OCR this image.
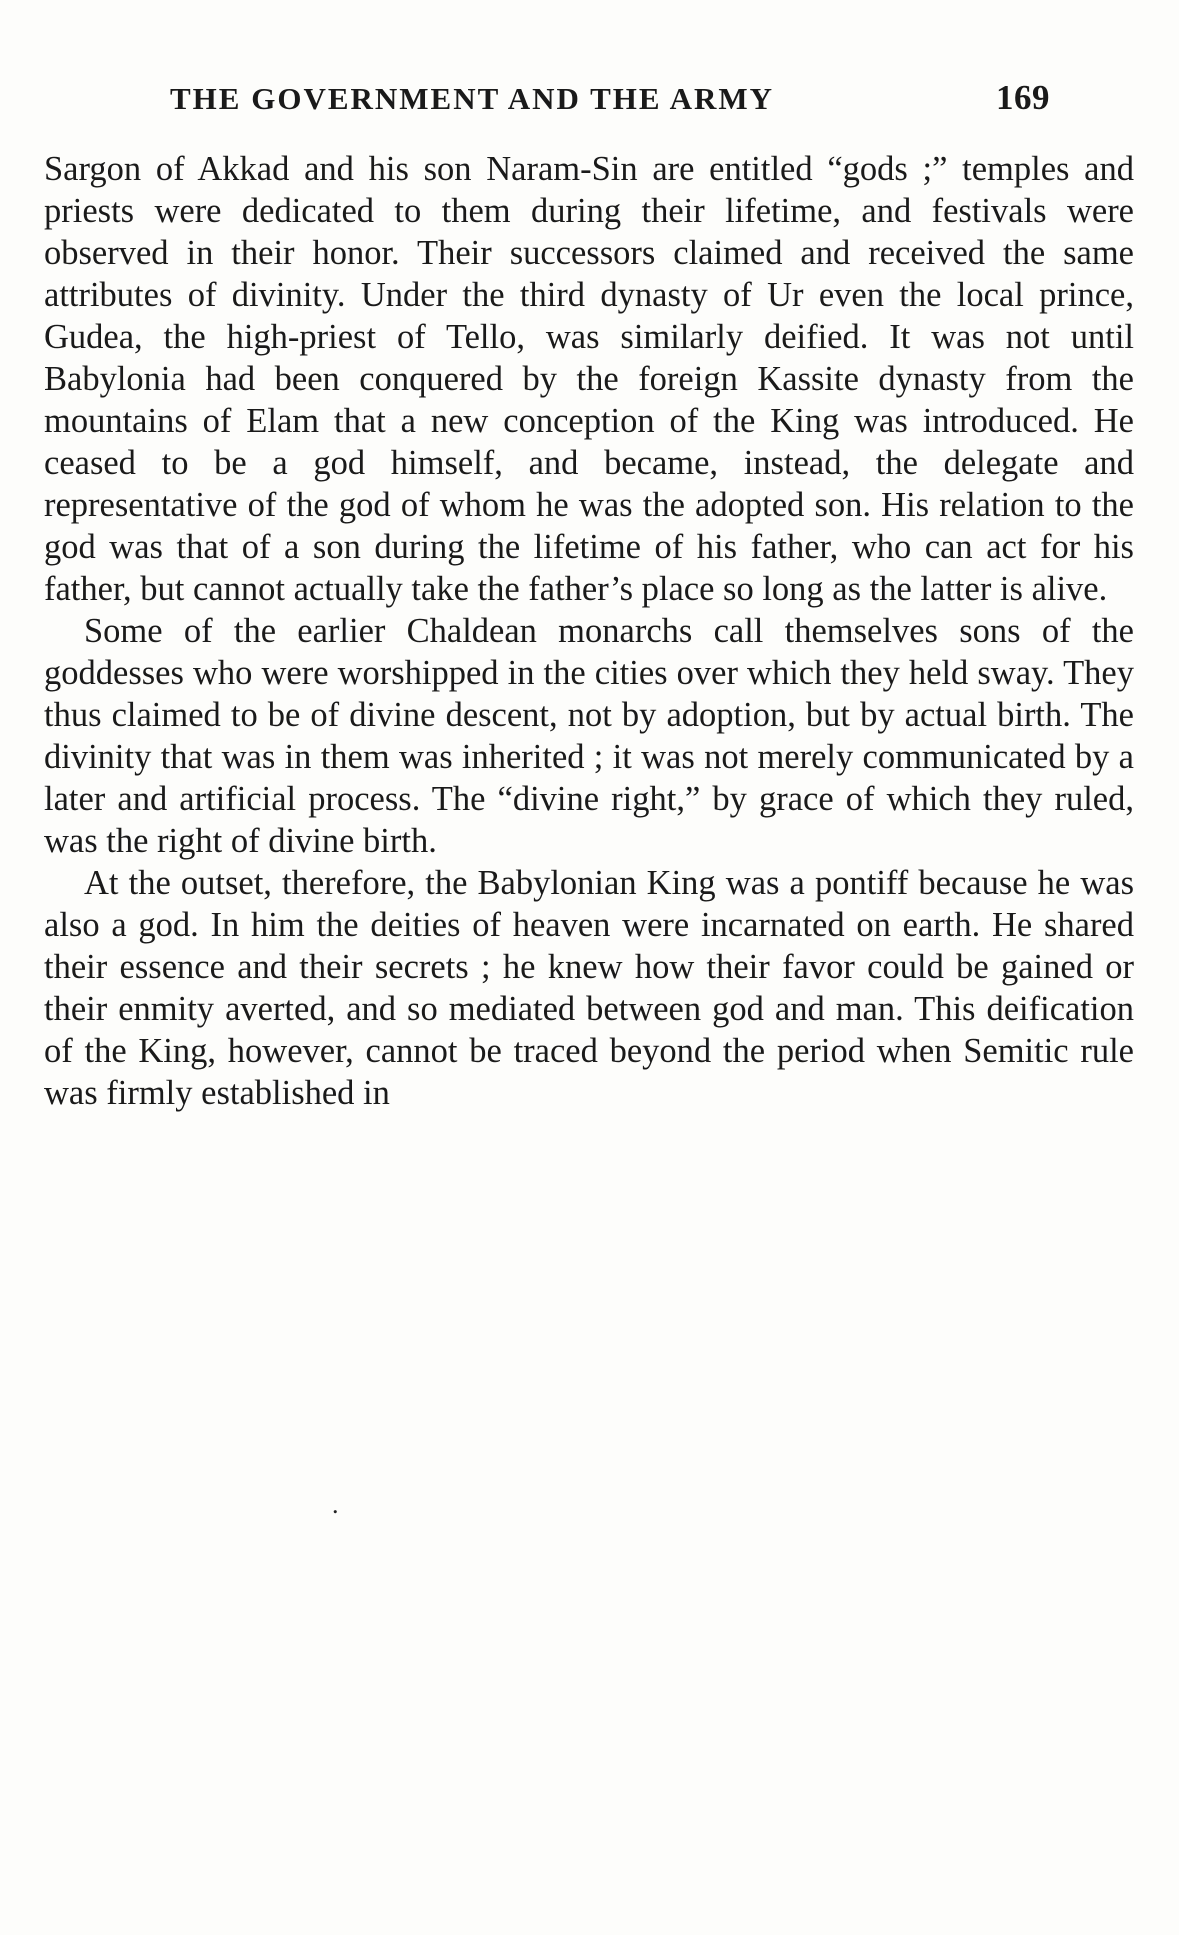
THE GOVERNMENT AND THE ARMY	169

Sargon of Akkad and his son Naram-Sin are entitled “gods ;” temples and priests were dedicated to them during their lifetime, and festivals were observed in their honor. Their successors claimed and received the same attributes of divinity. Under the third dynasty of Ur even the local prince, Gudea, the high-priest of Tello, was similarly deified. It was not until Babylonia had been conquered by the foreign Kassite dynasty from the mountains of Elam that a new conception of the King was introduced. He ceased to be a god himself, and became, instead, the delegate and representative of the god of whom he was the adopted son. His relation to the god was that of a son during the lifetime of his father, who can act for his father, but cannot actually take the father’s place so long as the latter is alive.

Some of the earlier Chaldean monarchs call themselves sons of the goddesses who were worshipped in the cities over which they held sway. They thus claimed to be of divine descent, not by adoption, but by actual birth. The divinity that was in them was inherited ; it was not merely communicated by a later and artificial process. The “divine right,” by grace of which they ruled, was the right of divine birth.

At the outset, therefore, the Babylonian King was a pontiff because he was also a god. In him the deities of heaven were incarnated on earth. He shared their essence and their secrets ; he knew how their favor could be gained or their enmity averted, and so mediated between god and man. This deification of the King, however, cannot be traced beyond the period when Semitic rule was firmly established in

.
